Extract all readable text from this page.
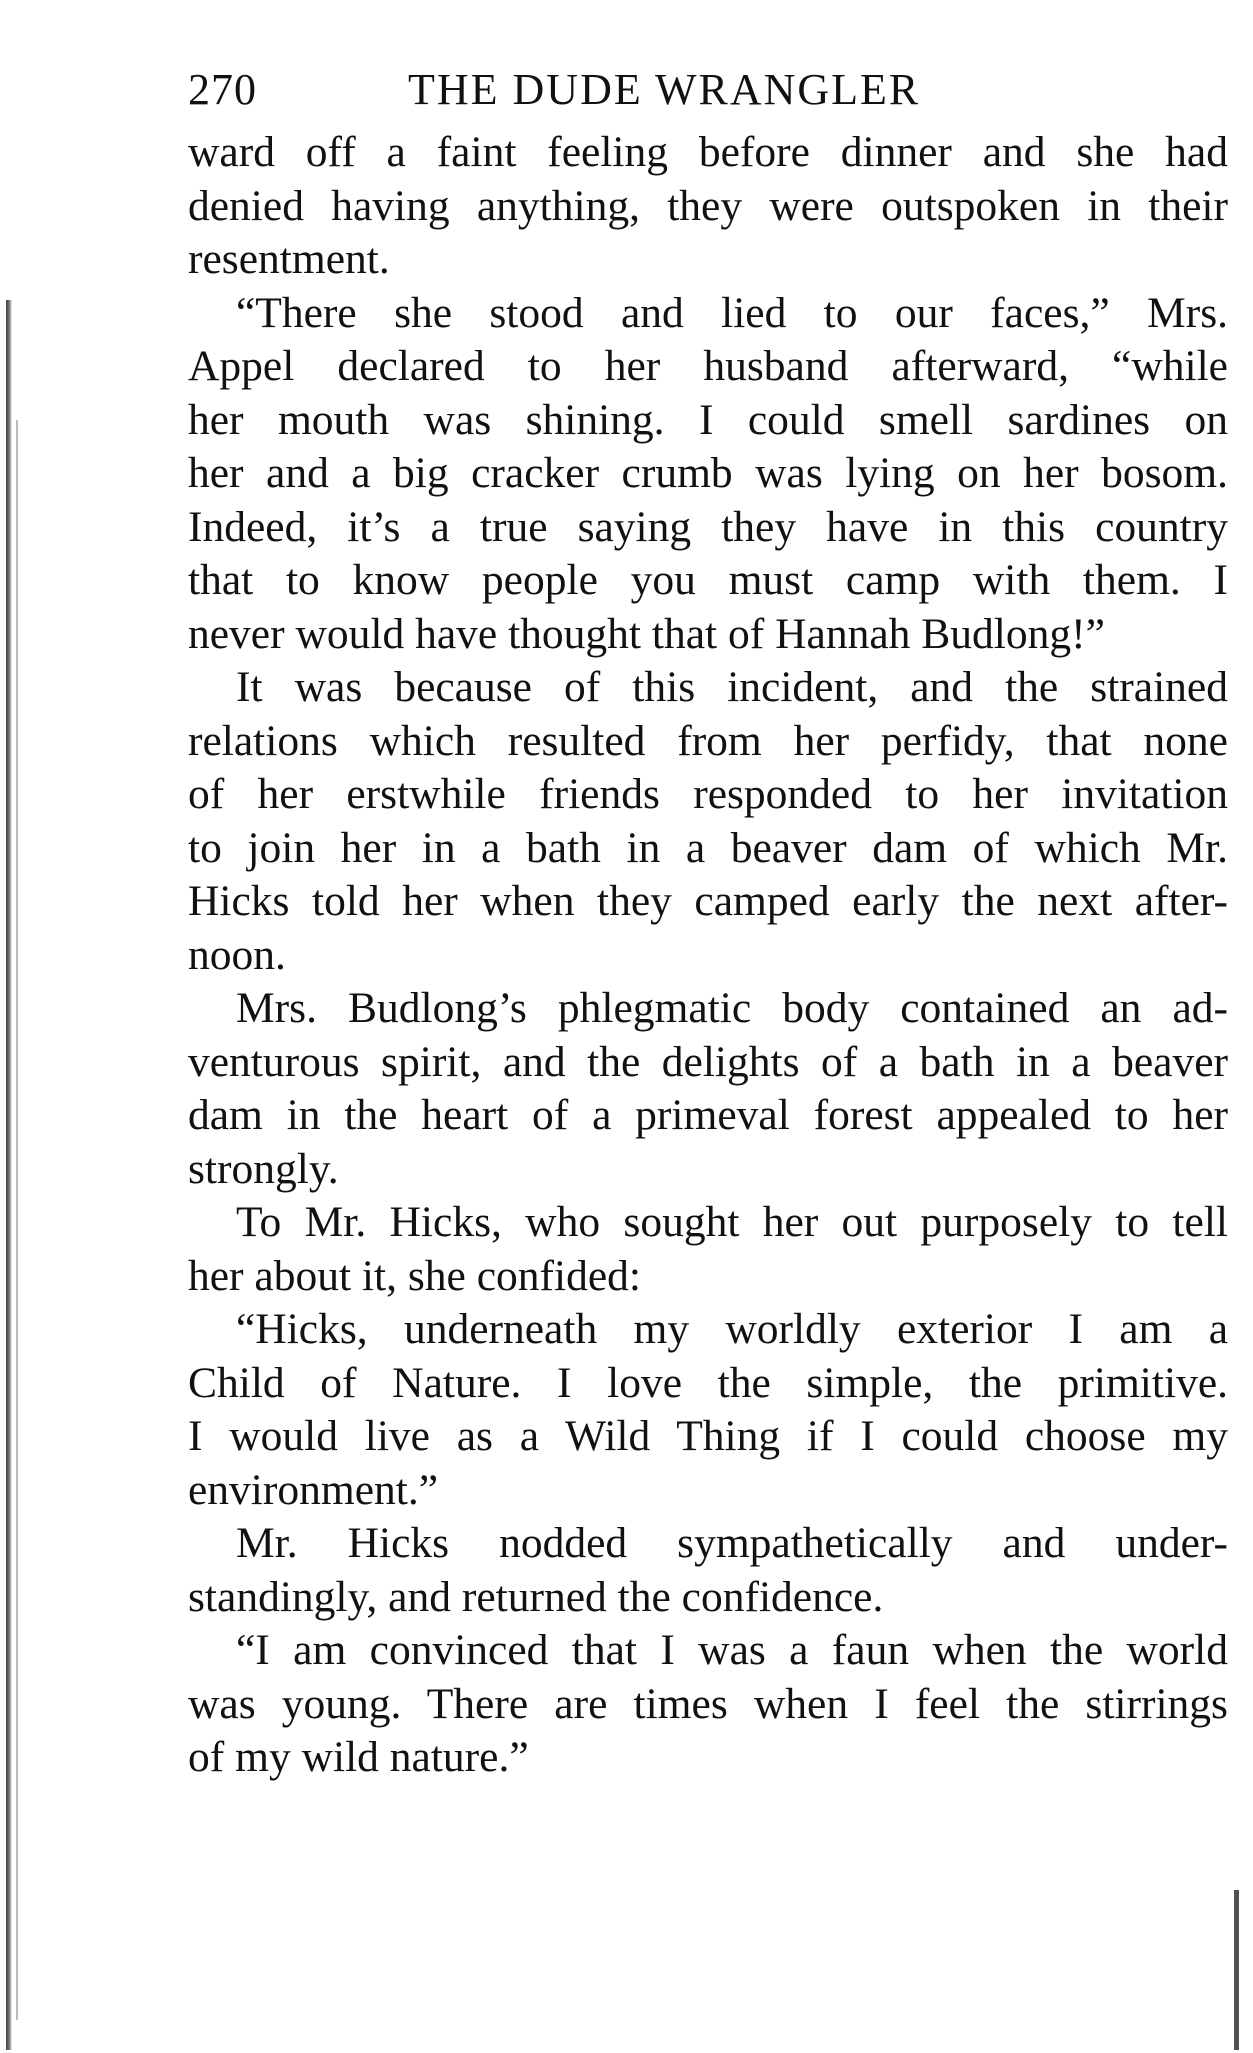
270	THE DUDE WRANGLER

ward off a faint feeling before dinner and she had
denied having anything, they were outspoken in their
resentment.

“There she stood and lied to our faces,” Mrs.
Appel declared to her husband afterward, “while
her mouth was shining. I could smell sardines on
her and a big cracker crumb was lying on her bosom.
Indeed, it’s a true saying they have in this country
that to know people you must camp with them. I
never would have thought that of Hannah Budlong!”

It was because of this incident, and the strained
relations which resulted from her perfidy, that none
of her erstwhile friends responded to her invitation
to join her in a bath in a beaver dam of which Mr.
Hicks told her when they camped early the next after-
noon.

Mrs. Budlong’s phlegmatic body contained an ad-
venturous spirit, and the delights of a bath in a beaver
dam in the heart of a primeval forest appealed to her
strongly.

To Mr. Hicks, who sought her out purposely to tell
her about it, she confided:

“Hicks, underneath my worldly exterior I am a
Child of Nature. I love the simple, the primitive.
I would live as a Wild Thing if I could choose my
environment.”

Mr. Hicks nodded sympathetically and under-
standingly, and returned the confidence.

“I am convinced that I was a faun when the world
was young. There are times when I feel the stirrings
of my wild nature.”
